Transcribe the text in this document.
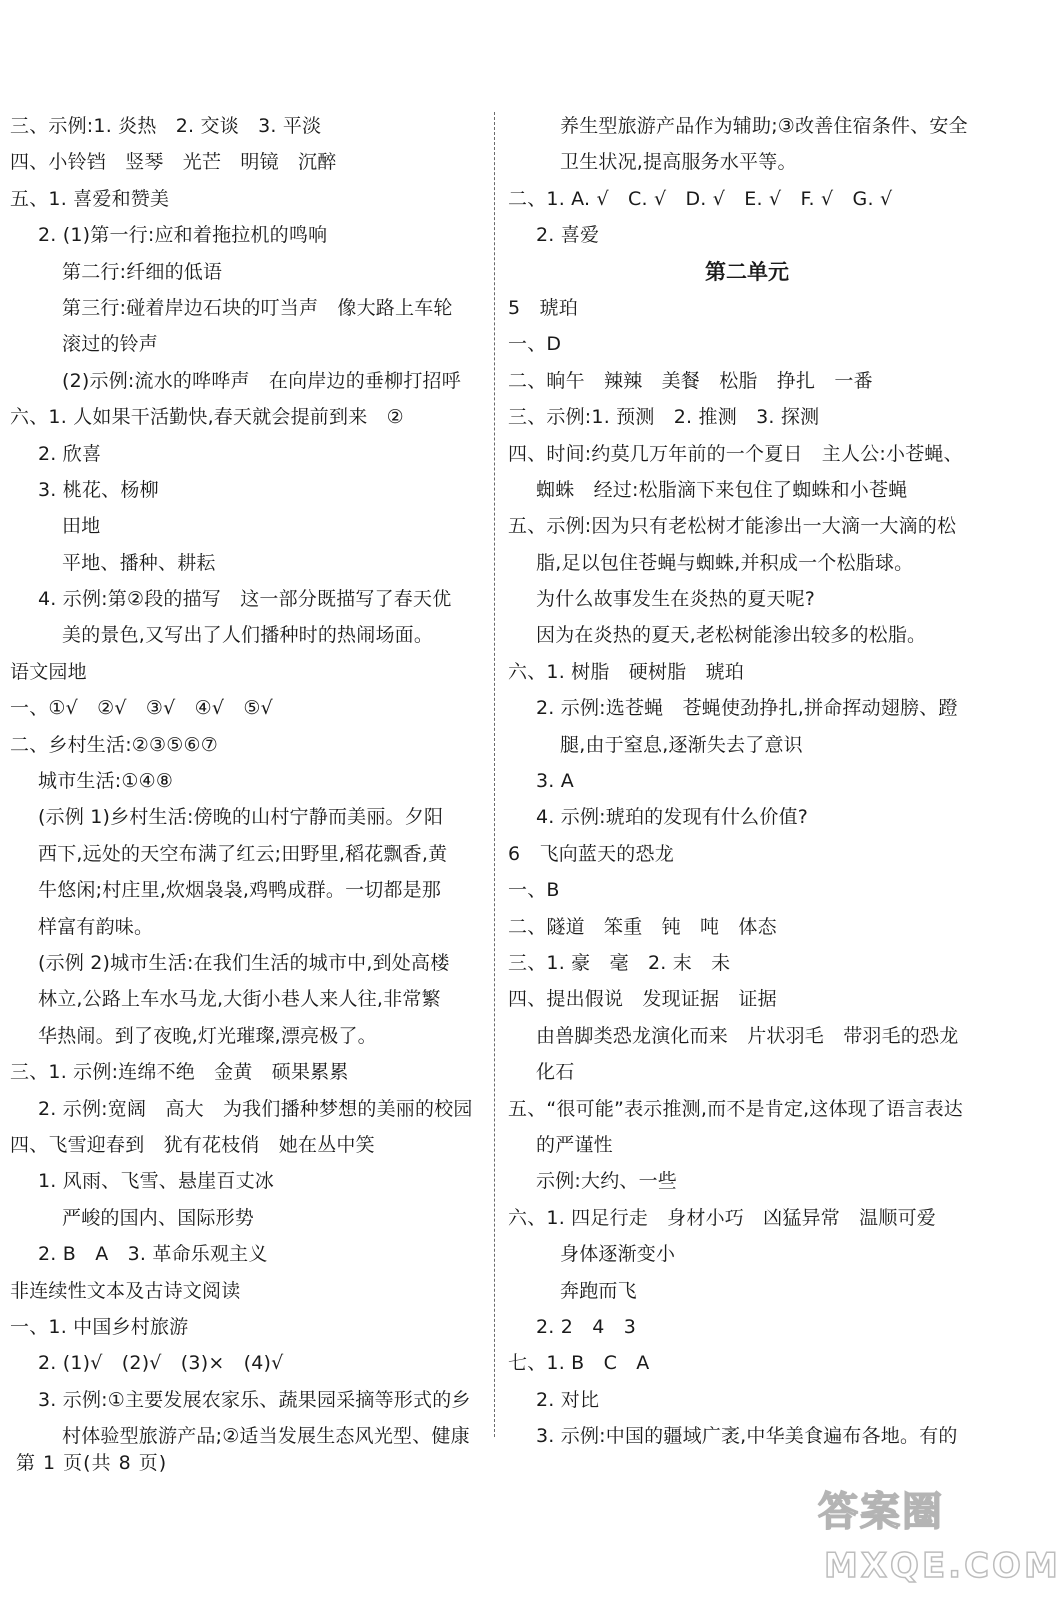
三、示例:1. 炎热　2. 交谈　3. 平淡
四、小铃铛　竖琴　光芒　明镜　沉醉
五、1. 喜爱和赞美
2. (1)第一行:应和着拖拉机的鸣响
第二行:纤细的低语
第三行:碰着岸边石块的叮当声　像大路上车轮
滚过的铃声
(2)示例:流水的哗哗声　在向岸边的垂柳打招呼
六、1. 人如果干活勤快,春天就会提前到来　②
2. 欣喜
3. 桃花、杨柳
田地
平地、播种、耕耘
4. 示例:第②段的描写　这一部分既描写了春天优
美的景色,又写出了人们播种时的热闹场面。
语文园地
一、①√　②√　③√　④√　⑤√
二、乡村生活:②③⑤⑥⑦
城市生活:①④⑧
(示例 1)乡村生活:傍晚的山村宁静而美丽。夕阳
西下,远处的天空布满了红云;田野里,稻花飘香,黄
牛悠闲;村庄里,炊烟袅袅,鸡鸭成群。一切都是那
样富有韵味。
(示例 2)城市生活:在我们生活的城市中,到处高楼
林立,公路上车水马龙,大街小巷人来人往,非常繁
华热闹。到了夜晚,灯光璀璨,漂亮极了。
三、1. 示例:连绵不绝　金黄　硕果累累
2. 示例:宽阔　高大　为我们播种梦想的美丽的校园
四、飞雪迎春到　犹有花枝俏　她在丛中笑
1. 风雨、飞雪、悬崖百丈冰
严峻的国内、国际形势
2. B　A　3. 革命乐观主义
非连续性文本及古诗文阅读
一、1. 中国乡村旅游
2. (1)√　(2)√　(3)×　(4)√
3. 示例:①主要发展农家乐、蔬果园采摘等形式的乡
村体验型旅游产品;②适当发展生态风光型、健康
养生型旅游产品作为辅助;③改善住宿条件、安全
卫生状况,提高服务水平等。
二、1. A. √　C. √　D. √　E. √　F. √　G. √
2. 喜爱
第二单元
5　琥珀
一、D
二、晌午　辣辣　美餐　松脂　挣扎　一番
三、示例:1. 预测　2. 推测　3. 探测
四、时间:约莫几万年前的一个夏日　主人公:小苍蝇、
蜘蛛　经过:松脂滴下来包住了蜘蛛和小苍蝇
五、示例:因为只有老松树才能渗出一大滴一大滴的松
脂,足以包住苍蝇与蜘蛛,并积成一个松脂球。
为什么故事发生在炎热的夏天呢?
因为在炎热的夏天,老松树能渗出较多的松脂。
六、1. 树脂　硬树脂　琥珀
2. 示例:选苍蝇　苍蝇使劲挣扎,拼命挥动翅膀、蹬
腿,由于窒息,逐渐失去了意识
3. A
4. 示例:琥珀的发现有什么价值?
6　飞向蓝天的恐龙
一、B
二、隧道　笨重　钝　吨　体态
三、1. 豪　毫　2. 末　未
四、提出假说　发现证据　证据
由兽脚类恐龙演化而来　片状羽毛　带羽毛的恐龙
化石
五、“很可能”表示推测,而不是肯定,这体现了语言表达
的严谨性
示例:大约、一些
六、1. 四足行走　身材小巧　凶猛异常　温顺可爱
身体逐渐变小
奔跑而飞
2. 2　4　3
七、1. B　C　A
2. 对比
3. 示例:中国的疆域广袤,中华美食遍布各地。有的
第 1 页(共 8 页)
答案圈
MXQE.COM
